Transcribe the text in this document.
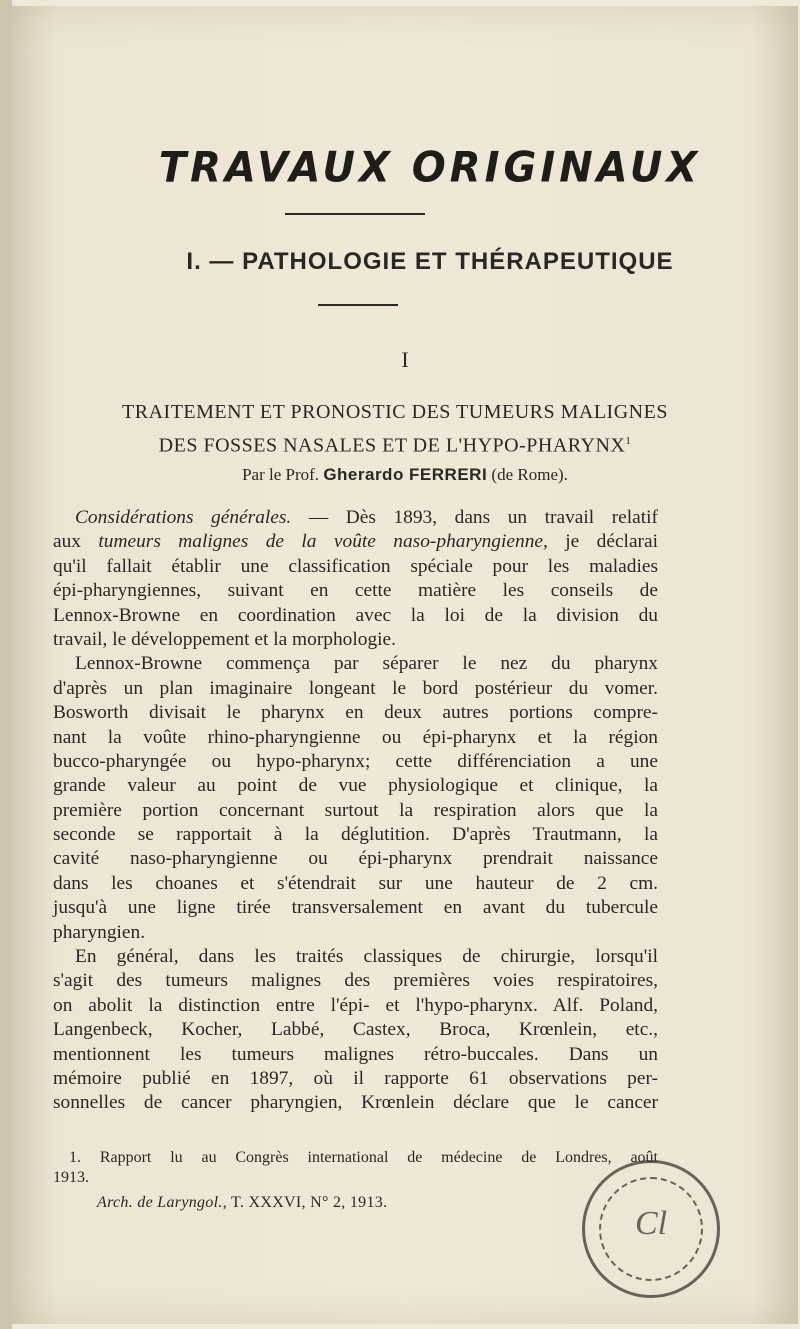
TRAVAUX ORIGINAUX
I. — PATHOLOGIE ET THÉRAPEUTIQUE
I
TRAITEMENT ET PRONOSTIC DES TUMEURS MALIGNES
DES FOSSES NASALES ET DE L'HYPO-PHARYNX$^1$
Par le Prof. Gherardo FERRERI (de Rome).
Considérations générales. — Dès 1893, dans un travail relatif
aux tumeurs malignes de la voûte naso-pharyngienne, je déclarai
qu'il fallait établir une classification spéciale pour les maladies
épi-pharyngiennes, suivant en cette matière les conseils de
Lennox-Browne en coordination avec la loi de la division du
travail, le développement et la morphologie.
Lennox-Browne commença par séparer le nez du pharynx
d'après un plan imaginaire longeant le bord postérieur du vomer.
Bosworth divisait le pharynx en deux autres portions compre-
nant la voûte rhino-pharyngienne ou épi-pharynx et la région
bucco-pharyngée ou hypo-pharynx; cette différenciation a une
grande valeur au point de vue physiologique et clinique, la
première portion concernant surtout la respiration alors que la
seconde se rapportait à la déglutition. D'après Trautmann, la
cavité naso-pharyngienne ou épi-pharynx prendrait naissance
dans les choanes et s'étendrait sur une hauteur de 2 cm.
jusqu'à une ligne tirée transversalement en avant du tubercule
pharyngien.
En général, dans les traités classiques de chirurgie, lorsqu'il
s'agit des tumeurs malignes des premières voies respiratoires,
on abolit la distinction entre l'épi- et l'hypo-pharynx. Alf. Poland,
Langenbeck, Kocher, Labbé, Castex, Broca, Krœnlein, etc.,
mentionnent les tumeurs malignes rétro-buccales. Dans un
mémoire publié en 1897, où il rapporte 61 observations per-
sonnelles de cancer pharyngien, Krœnlein déclare que le cancer
1. Rapport lu au Congrès international de médecine de Londres, août
1913.
Arch. de Laryngol., T. XXXVI, N° 2, 1913.
Cl
